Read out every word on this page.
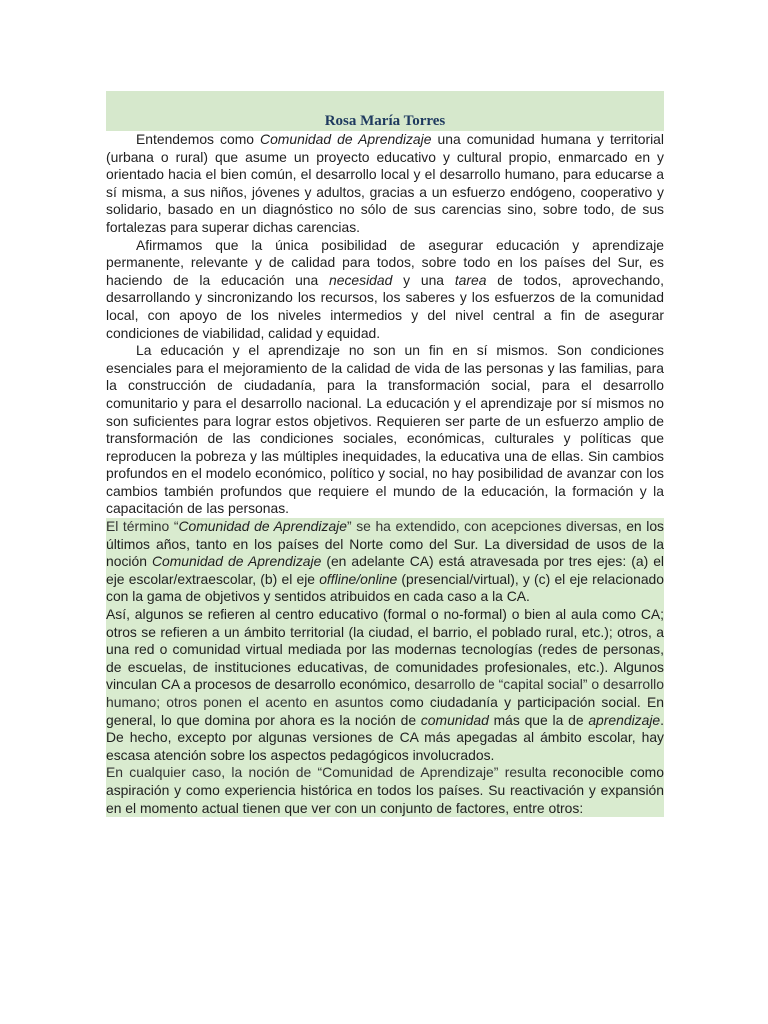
Rosa María Torres

Entendemos como Comunidad de Aprendizaje una comunidad humana y territorial (urbana o rural) que asume un proyecto educativo y cultural propio, enmarcado en y orientado hacia el bien común, el desarrollo local y el desarrollo humano, para educarse a sí misma, a sus niños, jóvenes y adultos, gracias a un esfuerzo endógeno, cooperativo y solidario, basado en un diagnóstico no sólo de sus carencias sino, sobre todo, de sus fortalezas para superar dichas carencias.

Afirmamos que la única posibilidad de asegurar educación y aprendizaje permanente, relevante y de calidad para todos, sobre todo en los países del Sur, es haciendo de la educación una necesidad y una tarea de todos, aprovechando, desarrollando y sincronizando los recursos, los saberes y los esfuerzos de la comunidad local, con apoyo de los niveles intermedios y del nivel central a fin de asegurar condiciones de viabilidad, calidad y equidad.

La educación y el aprendizaje no son un fin en sí mismos. Son condiciones esenciales para el mejoramiento de la calidad de vida de las personas y las familias, para la construcción de ciudadanía, para la transformación social, para el desarrollo comunitario y para el desarrollo nacional. La educación y el aprendizaje por sí mismos no son suficientes para lograr estos objetivos. Requieren ser parte de un esfuerzo amplio de transformación de las condiciones sociales, económicas, culturales y políticas que reproducen la pobreza y las múltiples inequidades, la educativa una de ellas. Sin cambios profundos en el modelo económico, político y social, no hay posibilidad de avanzar con los cambios también profundos que requiere el mundo de la educación, la formación y la capacitación de las personas.

El término “Comunidad de Aprendizaje” se ha extendido, con acepciones diversas, en los últimos años, tanto en los países del Norte como del Sur. La diversidad de usos de la noción Comunidad de Aprendizaje (en adelante CA) está atravesada por tres ejes: (a) el eje escolar/extraescolar, (b) el eje offline/online (presencial/virtual), y (c) el eje relacionado con la gama de objetivos y sentidos atribuidos en cada caso a la CA.

Así, algunos se refieren al centro educativo (formal o no-formal) o bien al aula como CA; otros se refieren a un ámbito territorial (la ciudad, el barrio, el poblado rural, etc.); otros, a una red o comunidad virtual mediada por las modernas tecnologías (redes de personas, de escuelas, de instituciones educativas, de comunidades profesionales, etc.). Algunos vinculan CA a procesos de desarrollo económico, desarrollo de “capital social” o desarrollo humano; otros ponen el acento en asuntos como ciudadanía y participación social. En general, lo que domina por ahora es la noción de comunidad más que la de aprendizaje. De hecho, excepto por algunas versiones de CA más apegadas al ámbito escolar, hay escasa atención sobre los aspectos pedagógicos involucrados.

En cualquier caso, la noción de “Comunidad de Aprendizaje” resulta reconocible como aspiración y como experiencia histórica en todos los países. Su reactivación y expansión en el momento actual tienen que ver con un conjunto de factores, entre otros:
